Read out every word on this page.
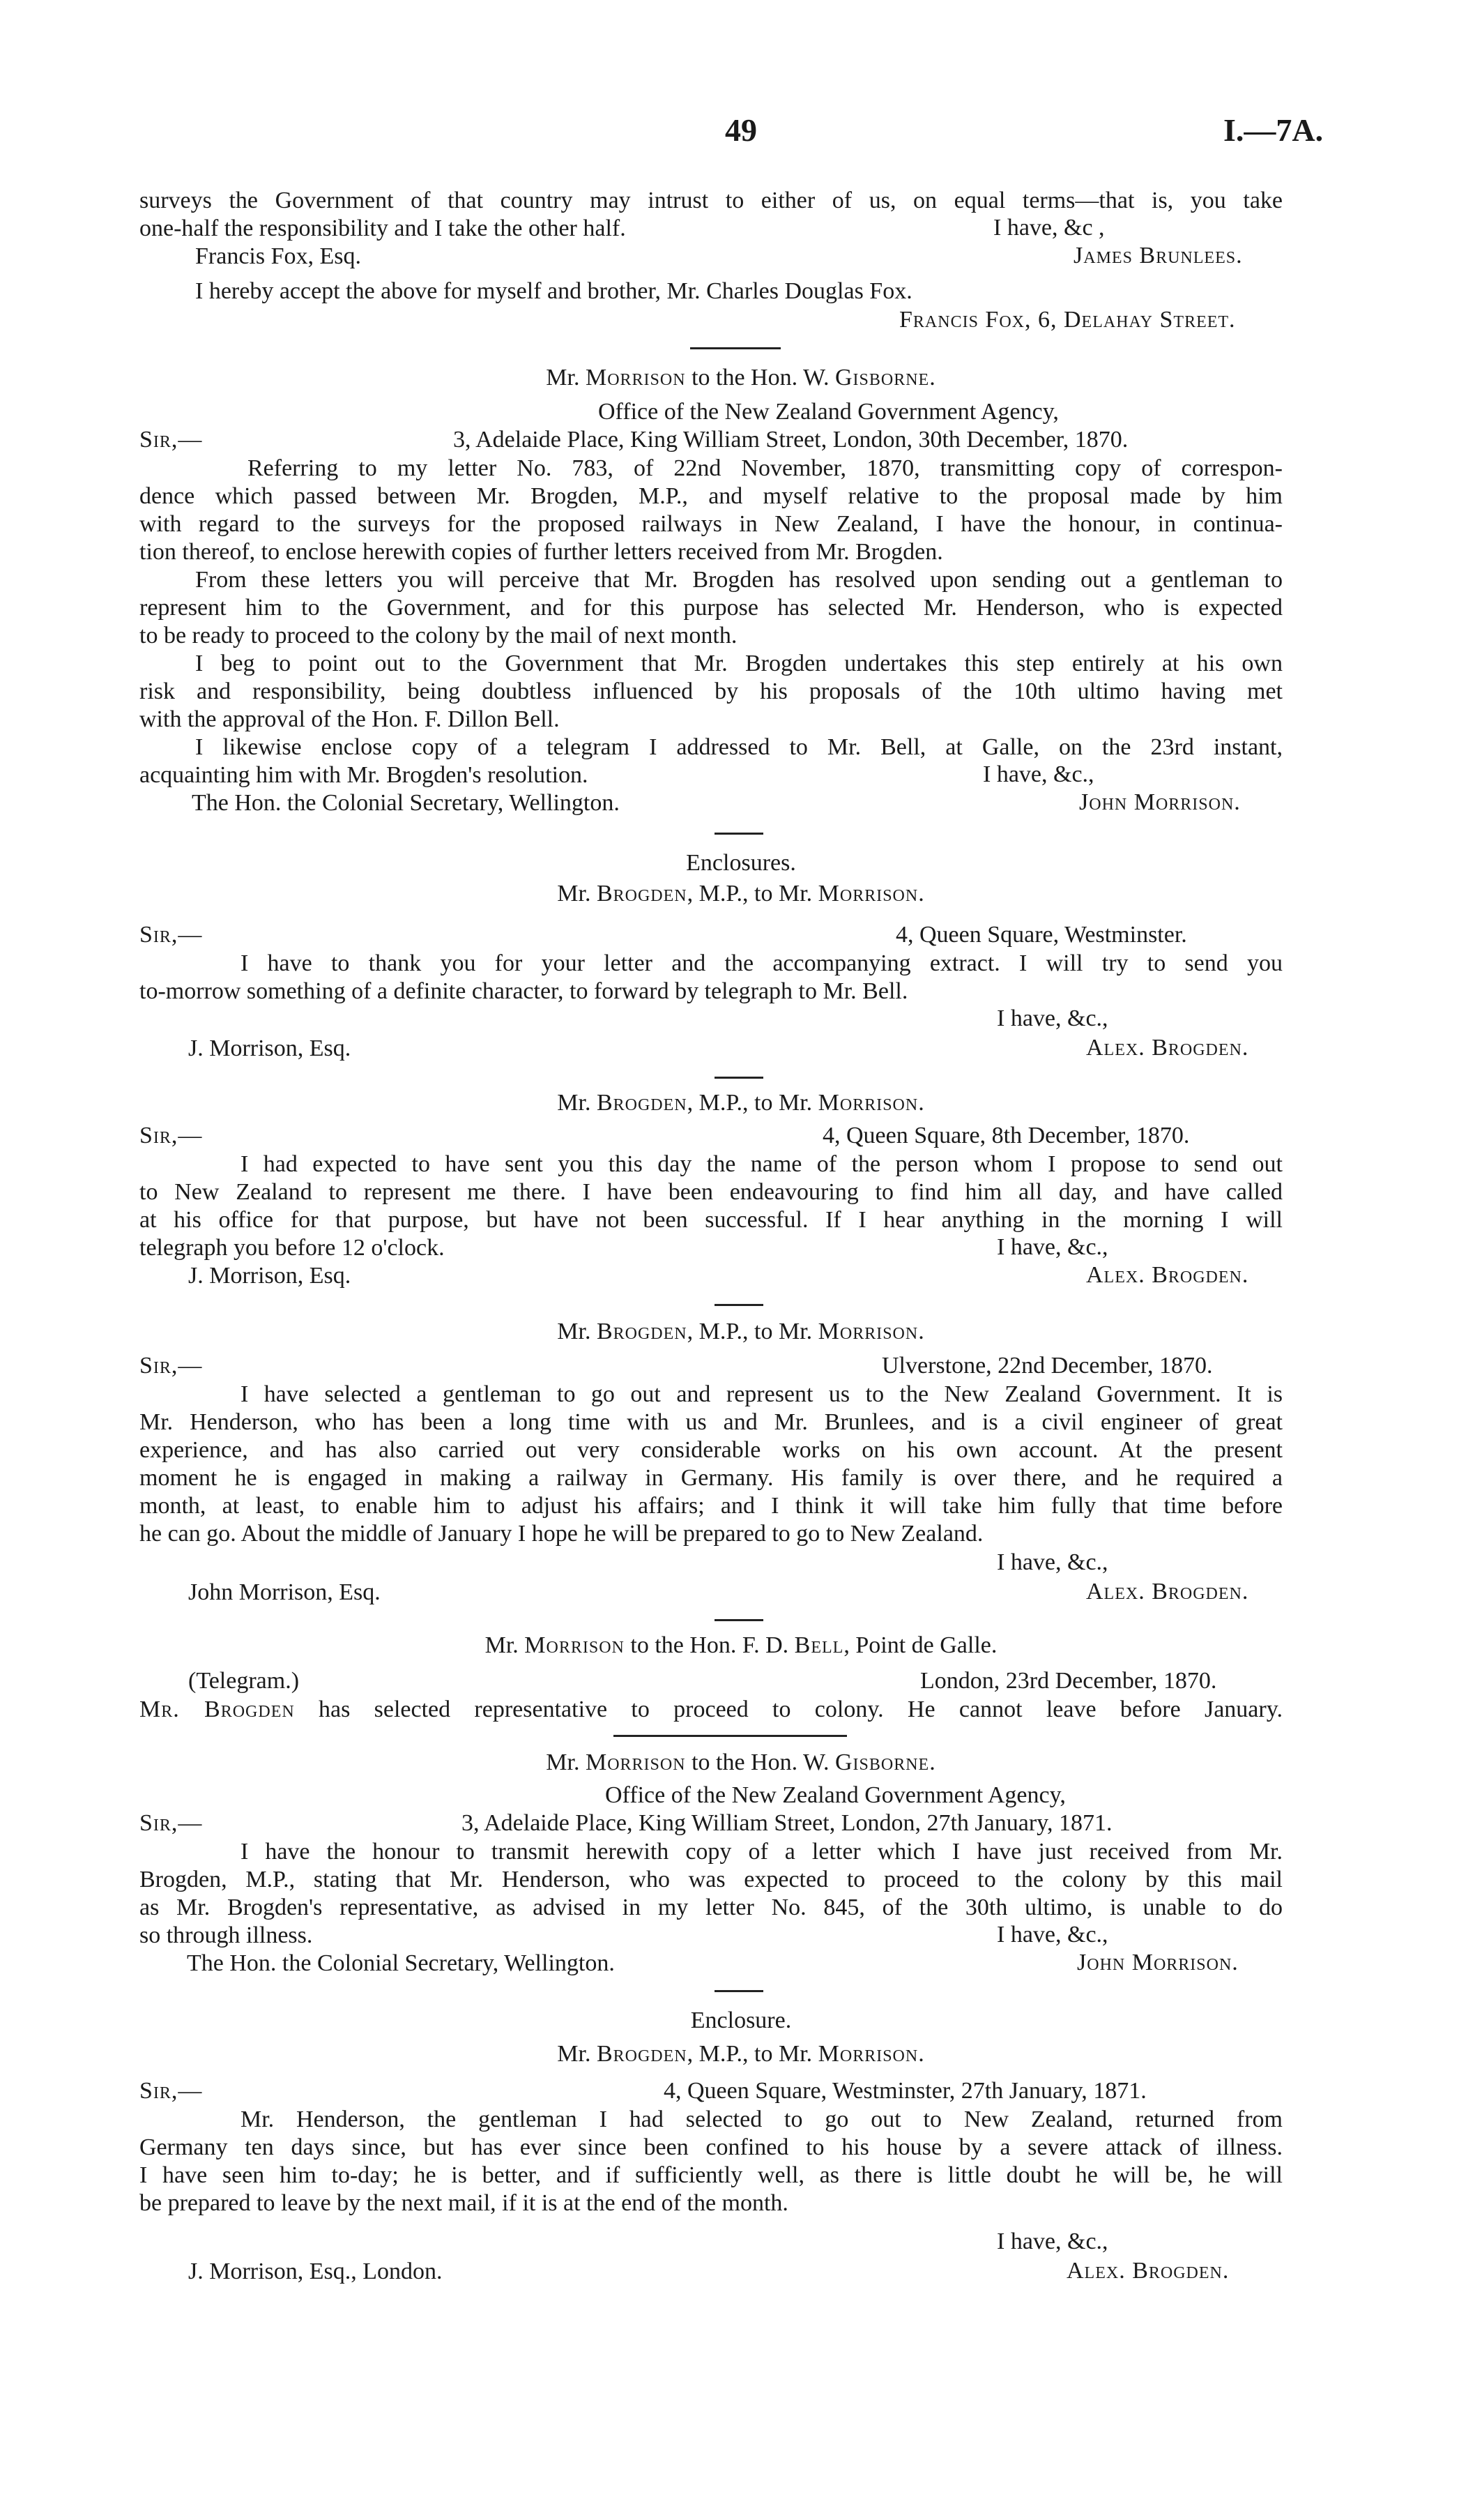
49	I.—7A.
surveys the Government of that country may intrust to either of us, on equal terms—that is, you take
one-half the responsibility and I take the other half.	I have, &c ,
Francis Fox, Esq.	James Brunlees.
I hereby accept the above for myself and brother, Mr. Charles Douglas Fox.
Francis Fox, 6, Delahay Street.
Mr. Morrison to the Hon. W. Gisborne.
Office of the New Zealand Government Agency,
Sir,—	3, Adelaide Place, King William Street, London, 30th December, 1870.
Referring to my letter No. 783, of 22nd November, 1870, transmitting copy of correspon-
dence which passed between Mr. Brogden, M.P., and myself relative to the proposal made by him
with regard to the surveys for the proposed railways in New Zealand, I have the honour, in continua-
tion thereof, to enclose herewith copies of further letters received from Mr. Brogden.
From these letters you will perceive that Mr. Brogden has resolved upon sending out a gentleman to
represent him to the Government, and for this purpose has selected Mr. Henderson, who is expected
to be ready to proceed to the colony by the mail of next month.
I beg to point out to the Government that Mr. Brogden undertakes this step entirely at his own
risk and responsibility, being doubtless influenced by his proposals of the 10th ultimo having met
with the approval of the Hon. F. Dillon Bell.
I likewise enclose copy of a telegram I addressed to Mr. Bell, at Galle, on the 23rd instant,
acquainting him with Mr. Brogden's resolution.	I have, &c.,
The Hon. the Colonial Secretary, Wellington.	John Morrison.
Enclosures.
Mr. Brogden, M.P., to Mr. Morrison.
Sir,—	4, Queen Square, Westminster.
I have to thank you for your letter and the accompanying extract. I will try to send you
to-morrow something of a definite character, to forward by telegraph to Mr. Bell.
I have, &c.,
J. Morrison, Esq.	Alex. Brogden.
Mr. Brogden, M.P., to Mr. Morrison.
Sir,—	4, Queen Square, 8th December, 1870.
I had expected to have sent you this day the name of the person whom I propose to send out
to New Zealand to represent me there. I have been endeavouring to find him all day, and have called
at his office for that purpose, but have not been successful. If I hear anything in the morning I will
telegraph you before 12 o'clock.	I have, &c.,
J. Morrison, Esq.	Alex. Brogden.
Mr. Brogden, M.P., to Mr. Morrison.
Sir,—	Ulverstone, 22nd December, 1870.
I have selected a gentleman to go out and represent us to the New Zealand Government. It is
Mr. Henderson, who has been a long time with us and Mr. Brunlees, and is a civil engineer of great
experience, and has also carried out very considerable works on his own account. At the present
moment he is engaged in making a railway in Germany. His family is over there, and he required a
month, at least, to enable him to adjust his affairs; and I think it will take him fully that time before
he can go. About the middle of January I hope he will be prepared to go to New Zealand.
I have, &c.,
John Morrison, Esq.	Alex. Brogden.
Mr. Morrison to the Hon. F. D. Bell, Point de Galle.
(Telegram.)	London, 23rd December, 1870.
Mr. Brogden has selected representative to proceed to colony. He cannot leave before January.
Mr. Morrison to the Hon. W. Gisborne.
Office of the New Zealand Government Agency,
Sir,—	3, Adelaide Place, King William Street, London, 27th January, 1871.
I have the honour to transmit herewith copy of a letter which I have just received from Mr.
Brogden, M.P., stating that Mr. Henderson, who was expected to proceed to the colony by this mail
as Mr. Brogden's representative, as advised in my letter No. 845, of the 30th ultimo, is unable to do
so through illness.	I have, &c.,
The Hon. the Colonial Secretary, Wellington.	John Morrison.
Enclosure.
Mr. Brogden, M.P., to Mr. Morrison.
Sir,—	4, Queen Square, Westminster, 27th January, 1871.
Mr. Henderson, the gentleman I had selected to go out to New Zealand, returned from
Germany ten days since, but has ever since been confined to his house by a severe attack of illness.
I have seen him to-day; he is better, and if sufficiently well, as there is little doubt he will be, he will
be prepared to leave by the next mail, if it is at the end of the month.
I have, &c.,
J. Morrison, Esq., London.	Alex. Brogden.
